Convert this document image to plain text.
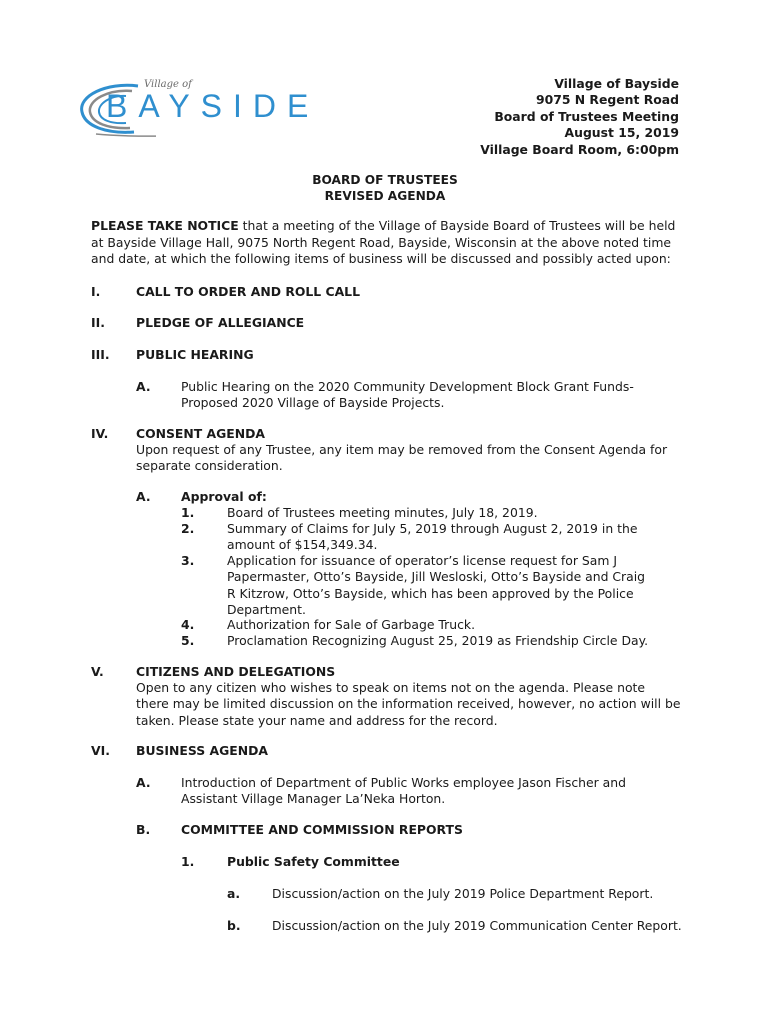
Village of
BAYSIDE
Village of Bayside
9075 N Regent Road
Board of Trustees Meeting
August 15, 2019
Village Board Room, 6:00pm
BOARD OF TRUSTEES
REVISED AGENDA
PLEASE TAKE NOTICE that a meeting of the Village of Bayside Board of Trustees will be held at Bayside Village Hall, 9075 North Regent Road, Bayside, Wisconsin at the above noted time and date, at which the following items of business will be discussed and possibly acted upon:
I.	CALL TO ORDER AND ROLL CALL
II.	PLEDGE OF ALLEGIANCE
III. PUBLIC HEARING
A. Public Hearing on the 2020 Community Development Block Grant Funds-Proposed 2020 Village of Bayside Projects.
IV. CONSENT AGENDA
Upon request of any Trustee, any item may be removed from the Consent Agenda for separate consideration.
A. Approval of:
1.	Board of Trustees meeting minutes, July 18, 2019.
2.	Summary of Claims for July 5, 2019 through August 2, 2019 in the amount of $154,349.34.
3.	Application for issuance of operator’s license request for Sam J Papermaster, Otto’s Bayside, Jill Wesloski, Otto’s Bayside and Craig R Kitzrow, Otto’s Bayside, which has been approved by the Police Department.
4.	Authorization for Sale of Garbage Truck.
5.	Proclamation Recognizing August 25, 2019 as Friendship Circle Day.
V.	CITIZENS AND DELEGATIONS
Open to any citizen who wishes to speak on items not on the agenda. Please note there may be limited discussion on the information received, however, no action will be taken. Please state your name and address for the record.
VI. BUSINESS AGENDA
A. Introduction of Department of Public Works employee Jason Fischer and Assistant Village Manager La’Neka Horton.
B. COMMITTEE AND COMMISSION REPORTS
1.	Public Safety Committee
a.	Discussion/action on the July 2019 Police Department Report.
b.	Discussion/action on the July 2019 Communication Center Report.
